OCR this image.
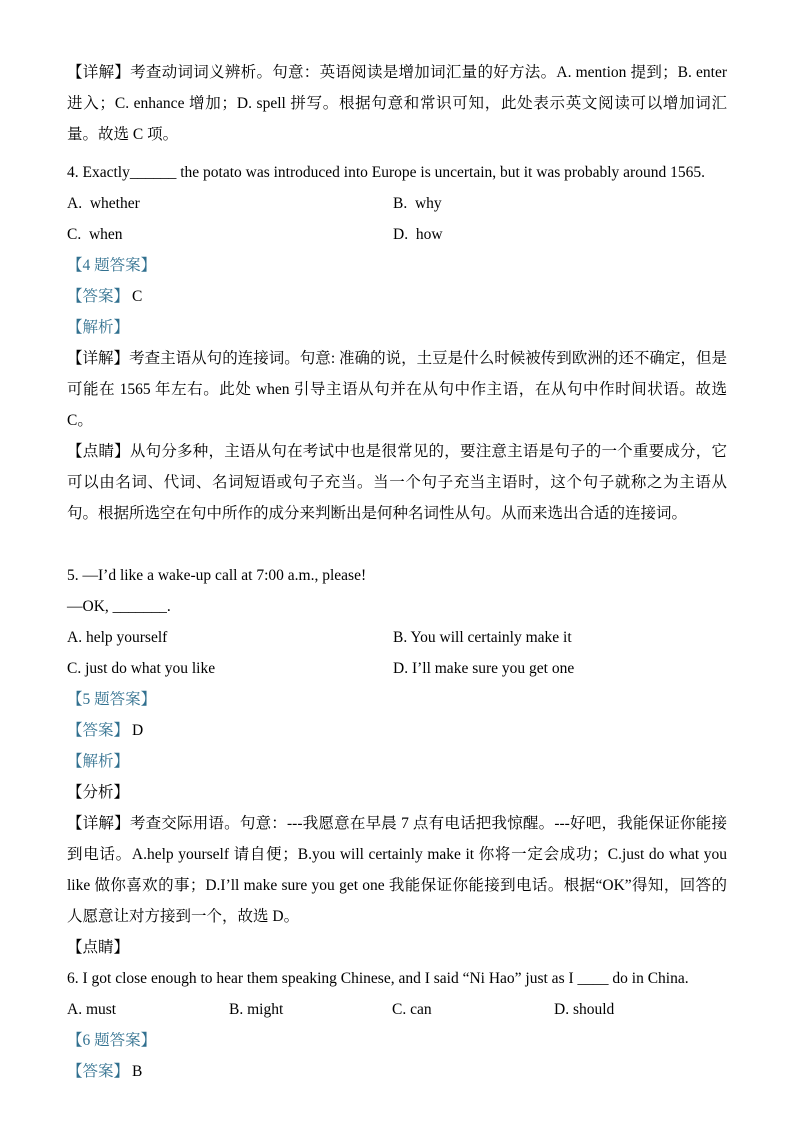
【详解】考查动词词义辨析。句意：英语阅读是增加词汇量的好方法。A. mention 提到；B. enter 进入；C. enhance 增加；D. spell 拼写。根据句意和常识可知，此处表示英文阅读可以增加词汇量。故选 C 项。

4. Exactly______ the potato was introduced into Europe is uncertain, but it was probably around 1565.

A.  whether	B.  why
C.  when	D.  how

【4 题答案】

【答案】 C

【解析】

【详解】考查主语从句的连接词。句意: 准确的说，土豆是什么时候被传到欧洲的还不确定，但是可能在 1565 年左右。此处 when 引导主语从句并在从句中作主语，在从句中作时间状语。故选 C。

【点睛】从句分多种，主语从句在考试中也是很常见的，要注意主语是句子的一个重要成分，它可以由名词、代词、名词短语或句子充当。当一个句子充当主语时，这个句子就称之为主语从句。根据所选空在句中所作的成分来判断出是何种名词性从句。从而来选出合适的连接词。

5. —I’d like a wake-up call at 7:00 a.m., please!

—OK, _______.

A. help yourself	B. You will certainly make it
C. just do what you like	D. I’ll make sure you get one

【5 题答案】

【答案】 D

【解析】

【分析】

【详解】考查交际用语。句意：---我愿意在早晨 7 点有电话把我惊醒。---好吧，我能保证你能接到电话。A.help yourself 请自便；B.you will certainly make it 你将一定会成功；C.just do what you like 做你喜欢的事；D.I’ll make sure you get one 我能保证你能接到电话。根据“OK”得知，回答的人愿意让对方接到一个，故选 D。

【点睛】

6. I got close enough to hear them speaking Chinese, and I said “Ni Hao” just as I ____ do in China.

A. must	B. might	C. can	D. should

【6 题答案】

【答案】 B
